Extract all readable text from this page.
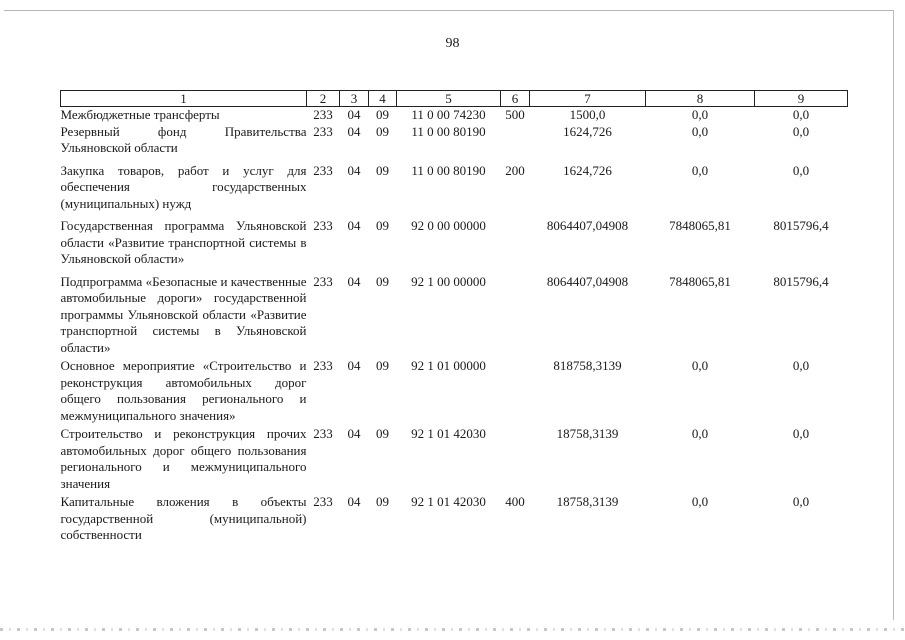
98
1	2	3	4	5	6	7	8	9
Межбюджетные трансферты	233	04	09	11 0 00 74230	500	1500,0	0,0	0,0
Резервный фонд Правительства Ульяновской области	233	04	09	11 0 00 80190		1624,726	0,0	0,0
Закупка товаров, работ и услуг для обеспечения государственных (муниципальных) нужд	233	04	09	11 0 00 80190	200	1624,726	0,0	0,0
Государственная программа Ульяновской области «Развитие транспортной системы в Ульяновской области»	233	04	09	92 0 00 00000		8064407,04908	7848065,81	8015796,4
Подпрограмма «Безопасные и качественные автомобильные дороги» государственной программы Ульяновской области «Развитие транспортной системы в Ульяновской области»	233	04	09	92 1 00 00000		8064407,04908	7848065,81	8015796,4
Основное мероприятие «Строительство и реконструкция автомобильных дорог общего пользования регионального и межмуниципального значения»	233	04	09	92 1 01 00000		818758,3139	0,0	0,0
Строительство и реконструкция прочих автомобильных дорог общего пользования регионального и межмуниципального значения	233	04	09	92 1 01 42030		18758,3139	0,0	0,0
Капитальные вложения в объекты государственной (муниципальной) собственности	233	04	09	92 1 01 42030	400	18758,3139	0,0	0,0
